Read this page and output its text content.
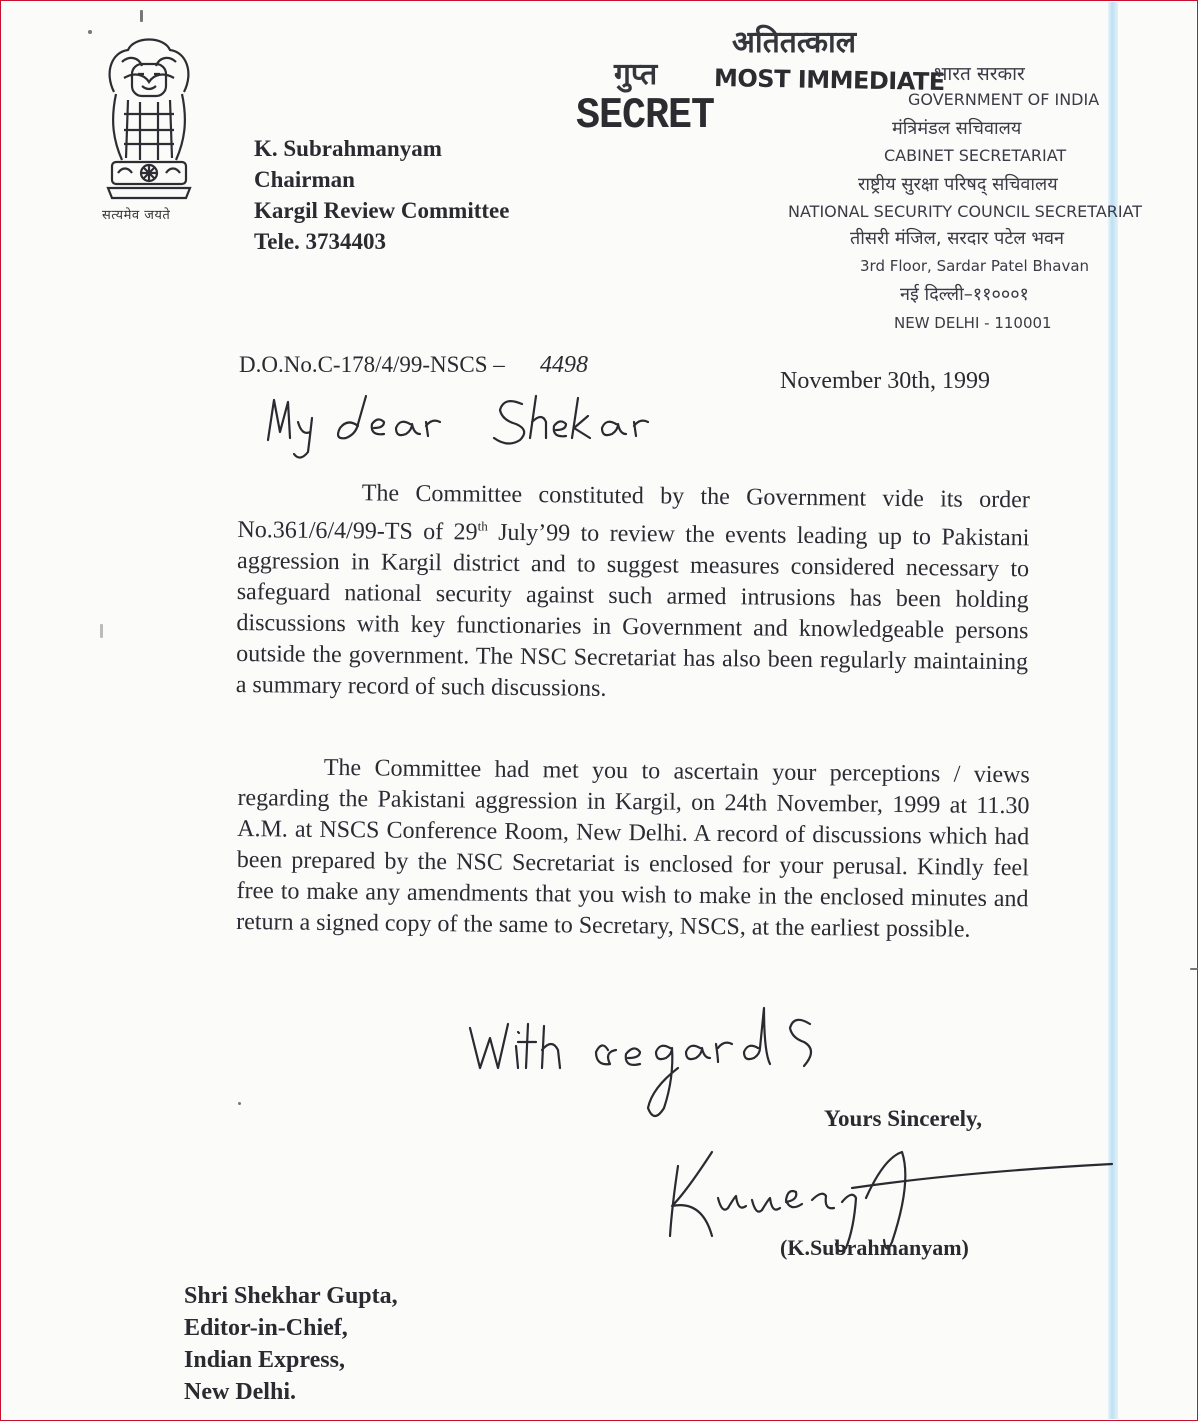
सत्यमेव जयते
अतितत्काल
गुप्त
SECRET
MOST IMMEDIATE
K. Subrahmanyam
Chairman
Kargil Review Committee
Tele. 3734403
भारत सरकार
GOVERNMENT OF INDIA
मंत्रिमंडल सचिवालय
CABINET SECRETARIAT
राष्ट्रीय सुरक्षा परिषद् सचिवालय
NATIONAL SECURITY COUNCIL SECRETARIAT
तीसरी मंजिल, सरदार पटेल भवन
3rd Floor, Sardar Patel Bhavan
नई दिल्ली–११०००१
NEW DELHI - 110001
D.O.No.C-178/4/99-NSCS – 4498
November 30th, 1999
The Committee constituted by the Government vide its order No.361/6/4/99-TS of 29th July’99 to review the events leading up to Pakistani aggression in Kargil district and to suggest measures considered necessary to safeguard national security against such armed intrusions has been holding discussions with key functionaries in Government and knowledgeable persons outside the government. The NSC Secretariat has also been regularly maintaining a summary record of such discussions.
The Committee had met you to ascertain your perceptions / views regarding the Pakistani aggression in Kargil, on 24th November, 1999 at 11.30 A.M. at NSCS Conference Room, New Delhi. A record of discussions which had been prepared by the NSC Secretariat is enclosed for your perusal. Kindly feel free to make any amendments that you wish to make in the enclosed minutes and return a signed copy of the same to Secretary, NSCS, at the earliest possible.
Yours Sincerely,
(K.Subrahmanyam)
Shri Shekhar Gupta,
Editor-in-Chief,
Indian Express,
New Delhi.
